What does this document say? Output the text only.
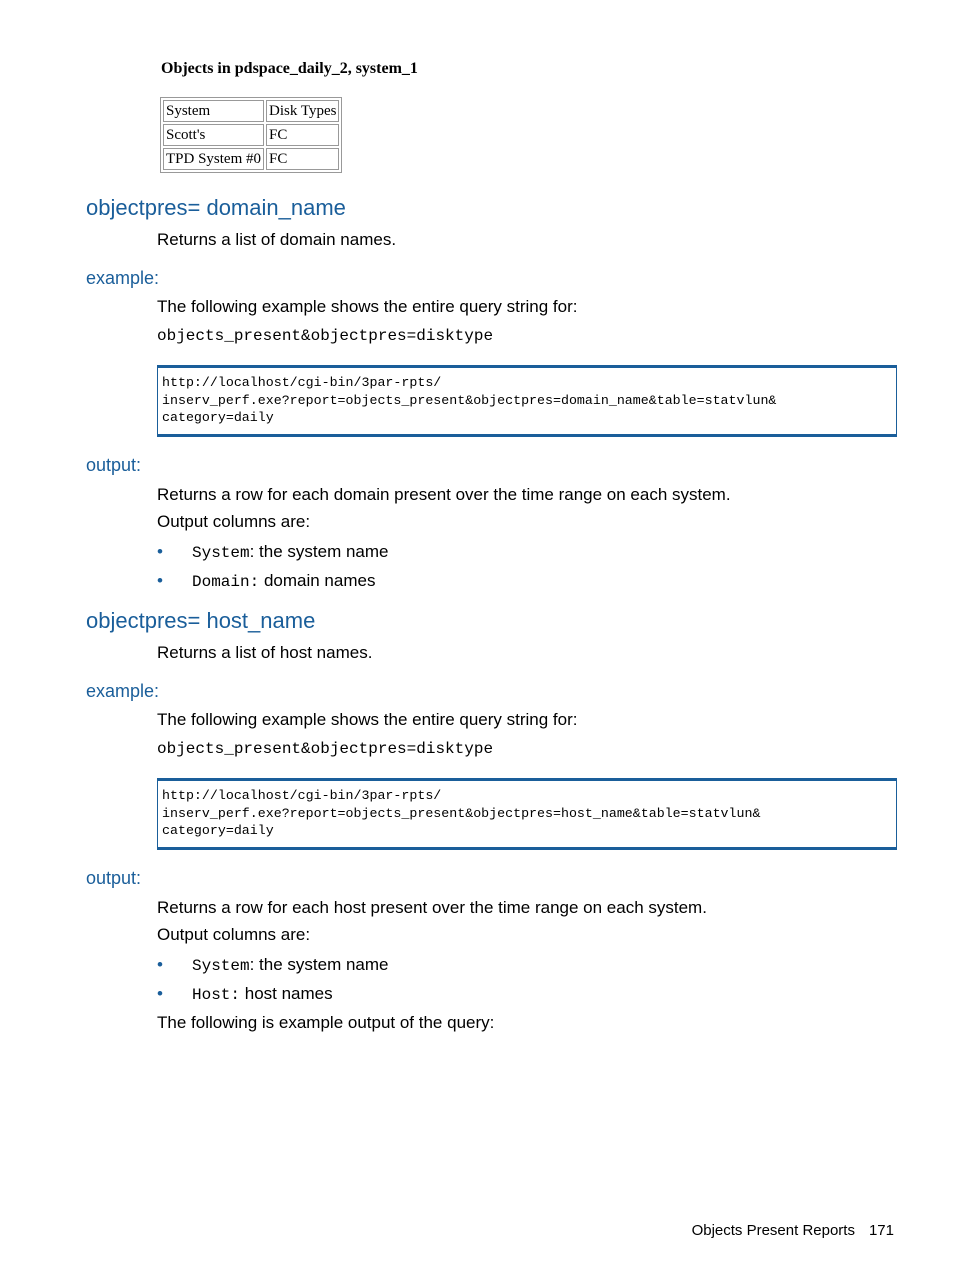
Objects in pdspace_daily_2, system_1
System	Disk Types
Scott's	FC
TPD System #0	FC
objectpres= domain_name
Returns a list of domain names.
example:
The following example shows the entire query string for:
objects_present&objectpres=disktype
http://localhost/cgi-bin/3par-rpts/
inserv_perf.exe?report=objects_present&objectpres=domain_name&table=statvlun&
category=daily
output:
Returns a row for each domain present over the time range on each system.
Output columns are:
• System: the system name
• Domain: domain names
objectpres= host_name
Returns a list of host names.
example:
The following example shows the entire query string for:
objects_present&objectpres=disktype
http://localhost/cgi-bin/3par-rpts/
inserv_perf.exe?report=objects_present&objectpres=host_name&table=statvlun&
category=daily
output:
Returns a row for each host present over the time range on each system.
Output columns are:
• System: the system name
• Host: host names
The following is example output of the query:
Objects Present Reports 171
